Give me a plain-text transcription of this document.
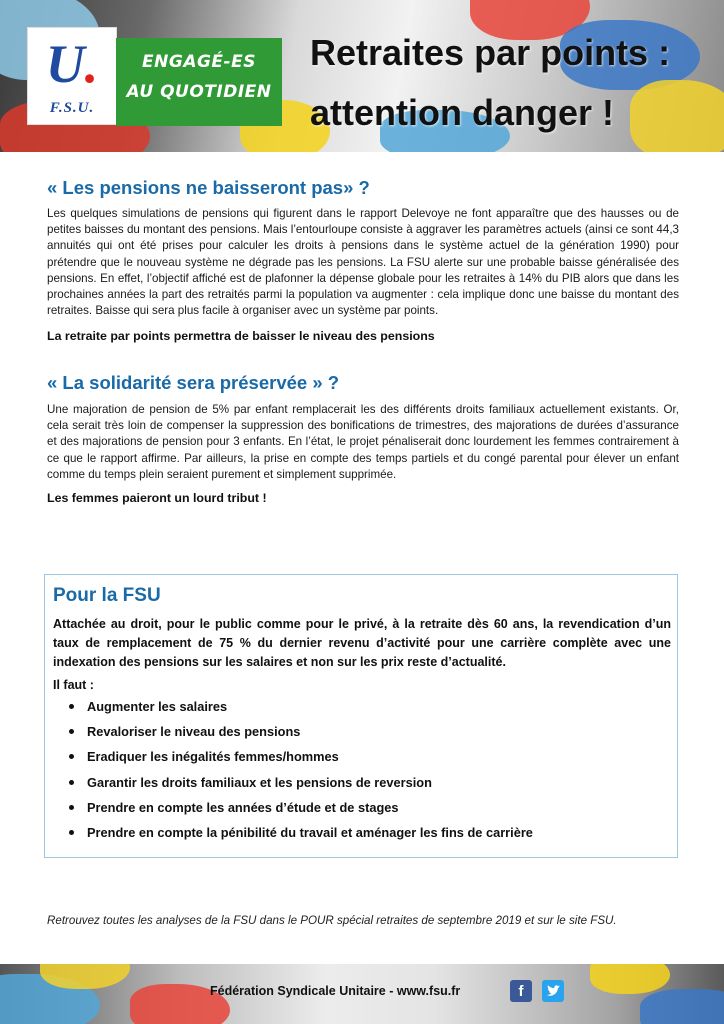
U.
F.S.U.
ENGAGÉ-ES
AU QUOTIDIEN
Retraites par points :
attention danger !
« Les pensions ne baisseront pas» ?
Les quelques simulations de pensions qui figurent dans le rapport Delevoye ne font apparaître que des hausses ou de petites baisses du montant des pensions. Mais l’entourloupe consiste à aggraver les paramètres actuels (ainsi ce sont 44,3 annuités qui ont été prises pour calculer les droits à pensions dans le système actuel de la génération 1990) pour prétendre que le nouveau système ne dégrade pas les pensions. La FSU alerte sur une probable baisse généralisée des pensions. En effet, l’objectif affiché est de plafonner la dépense globale pour les retraites à 14% du PIB alors que dans les prochaines années la part des retraités parmi la population va augmenter : cela implique donc une baisse du montant des retraites. Baisse qui sera plus facile à organiser avec un système par points.
La retraite par points permettra de baisser le niveau des pensions
« La solidarité sera préservée » ?
Une majoration de pension de 5% par enfant remplacerait les des différents droits familiaux actuellement existants. Or, cela serait très loin de compenser la suppression des bonifications de trimestres, des majorations de durées d’assurance et des majorations de pension pour 3 enfants. En l’état, le projet pénaliserait donc lourdement les femmes contrairement à ce que le rapport affirme. Par ailleurs, la prise en compte des temps partiels et du congé parental pour élever un enfant comme du temps plein seraient purement et simplement supprimée.
Les femmes paieront un lourd tribut !
Pour la FSU
Attachée au droit, pour le public comme pour le privé, à la retraite dès 60 ans, la revendication d’un taux de remplacement de 75 % du dernier revenu d’activité pour une carrière complète avec une indexation des pensions sur les salaires et non sur les prix reste d’actualité.
Il faut :
Augmenter les salaires
Revaloriser le niveau des pensions
Eradiquer les inégalités femmes/hommes
Garantir les droits familiaux et les pensions de reversion
Prendre en compte les années d’étude et de stages
Prendre en compte la pénibilité du travail et aménager les fins de carrière
Retrouvez toutes les analyses de la FSU dans le POUR spécial retraites de septembre 2019 et sur le site FSU.
Fédération Syndicale Unitaire - www.fsu.fr	f
